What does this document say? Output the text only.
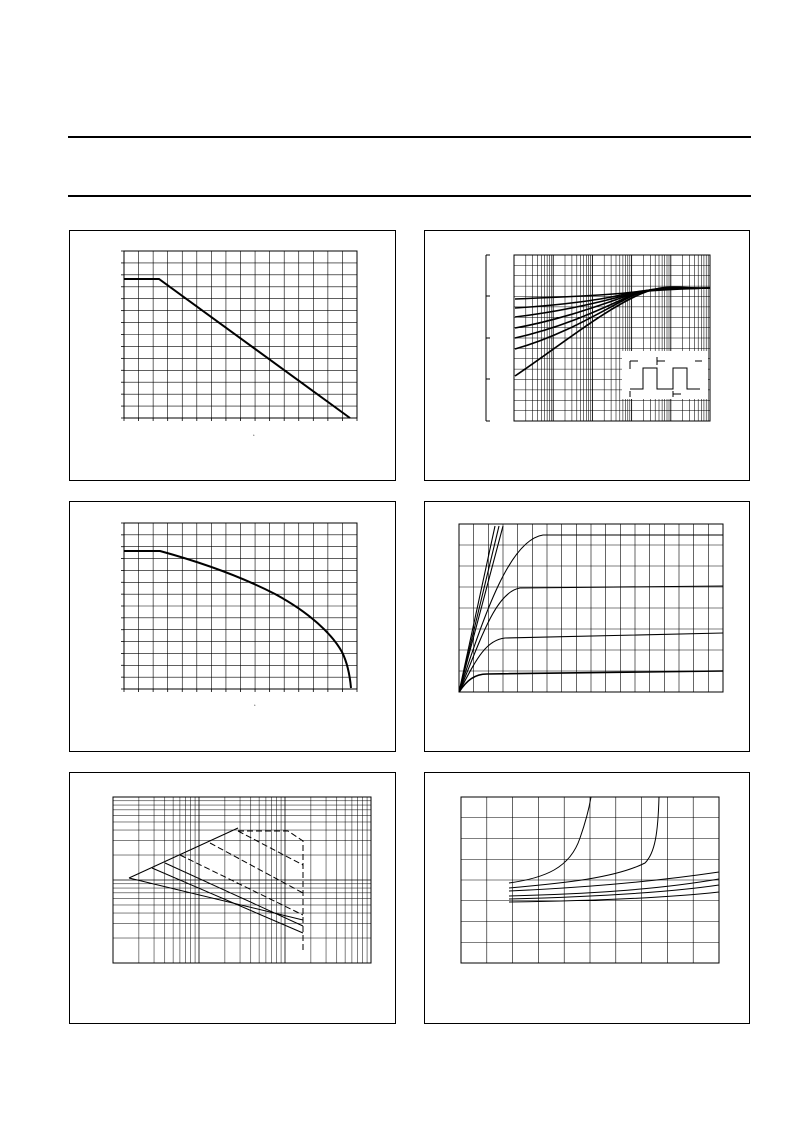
*
*
